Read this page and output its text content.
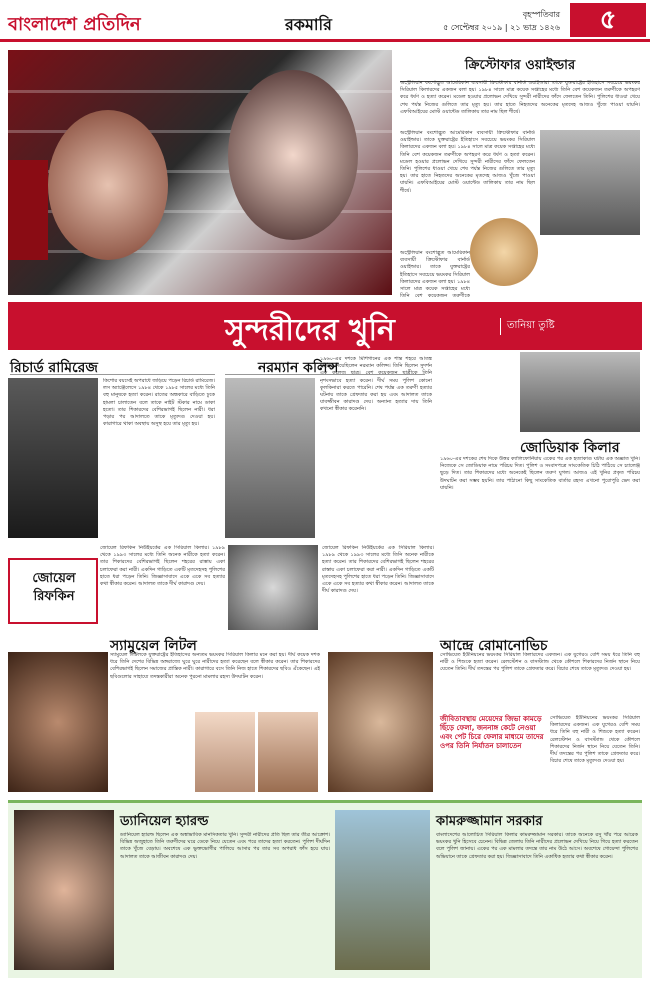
বাংলাদেশ প্রতিদিন	রকমারি
বৃহস্পতিবার
৫ সেপ্টেম্বর ২০১৯ | ২১ ভাদ্র ১৪২৬	৫
ক্রিস্টোফার ওয়াইল্ডার
অস্ট্রেলিয়ান বংশোদ্ভূত আমেরিকান ব্যবসায়ী ক্রিস্টোফার বার্নার্ড ওয়াইল্ডার। তাকে যুক্তরাষ্ট্রের ইতিহাসে সবচেয়ে ভয়ংকর সিরিয়াল কিলারদের একজন বলা হয়। ১৯৮৪ সালে মাত্র কয়েক সপ্তাহের মধ্যে তিনি বেশ কয়েকজন তরুণীকে অপহরণ করে ধর্ষণ ও হত্যা করেন। মডেল হওয়ার প্রলোভন দেখিয়ে সুন্দরী নারীদের ফাঁদে ফেলতেন তিনি। পুলিশের ধাওয়া খেয়ে শেষ পর্যন্ত নিজের গুলিতে তার মৃত্যু হয়। তার হাতে নিহতদের অনেকের মৃতদেহ আজও খুঁজে পাওয়া যায়নি। এফবিআইয়ের মোস্ট ওয়ান্টেড তালিকায় তার নাম ছিল শীর্ষে।
অস্ট্রেলিয়ান বংশোদ্ভূত আমেরিকান ব্যবসায়ী ক্রিস্টোফার বার্নার্ড ওয়াইল্ডার। তাকে যুক্তরাষ্ট্রের ইতিহাসে সবচেয়ে ভয়ংকর সিরিয়াল কিলারদের একজন বলা হয়। ১৯৮৪ সালে মাত্র কয়েক সপ্তাহের মধ্যে তিনি বেশ কয়েকজন তরুণীকে অপহরণ করে ধর্ষণ ও হত্যা করেন। মডেল হওয়ার প্রলোভন দেখিয়ে সুন্দরী নারীদের ফাঁদে ফেলতেন তিনি। পুলিশের ধাওয়া খেয়ে শেষ পর্যন্ত নিজের গুলিতে তার মৃত্যু হয়। তার হাতে নিহতদের অনেকের মৃতদেহ আজও খুঁজে পাওয়া যায়নি। এফবিআইয়ের মোস্ট ওয়ান্টেড তালিকায় তার নাম ছিল শীর্ষে।
অস্ট্রেলিয়ান বংশোদ্ভূত আমেরিকান ব্যবসায়ী ক্রিস্টোফার বার্নার্ড ওয়াইল্ডার। তাকে যুক্তরাষ্ট্রের ইতিহাসে সবচেয়ে ভয়ংকর সিরিয়াল কিলারদের একজন বলা হয়। ১৯৮৪ সালে মাত্র কয়েক সপ্তাহের মধ্যে তিনি বেশ কয়েকজন তরুণীকে
সুন্দরীদের খুনি	তানিয়া তুষ্টি
রিচার্ড রামিরেজ
কিশোর বয়সেই অপরাধে জড়িয়ে পড়েন রিচার্ড রামিরেজ। লস অ্যাঞ্জেলেসে ১৯৮৪ থেকে ১৯৮৫ সালের মধ্যে তিনি বহু মানুষকে হত্যা করেন। রাতের অন্ধকারে বাড়িতে ঢুকে হামলা চালাতেন বলে তাকে নাইট স্টকার নামে ডাকা হতো। তার শিকারদের বেশিরভাগই ছিলেন নারী। ধরা পড়ার পর আদালতে তাকে মৃত্যুদণ্ড দেওয়া হয়। কারাগারে থাকা অবস্থায় অসুস্থ হয়ে তার মৃত্যু হয়।
নরম্যান কলিন্স
১৯৬০-এর দশকে মিশিগানের এক শান্ত শহরে আতঙ্ক ছড়িয়ে দিয়েছিলেন নরম্যান কলিন্স। তিনি ছিলেন সুদর্শন এক কলেজ ছাত্র। বেশ কয়েকজন ছাত্রীকে তিনি নৃশংসভাবে হত্যা করেন। দীর্ঘ সময় পুলিশ কোনো কূলকিনারা করতে পারেনি। শেষ পর্যন্ত এক তরুণী হত্যার ঘটনায় তাকে গ্রেফতার করা হয় এবং আদালত তাকে যাবজ্জীবন কারাদণ্ড দেয়। অন্যান্য হত্যার দায় তিনি কখনো স্বীকার করেননি।
জোডিয়াক কিলার
১৯৬০-এর দশকের শেষ দিকে উত্তর ক্যালিফোর্নিয়ায় একের পর এক হত্যাকাণ্ড ঘটায় এক অজ্ঞাত খুনি। নিজেকে সে জোডিয়াক নামে পরিচয় দিত। পুলিশ ও সংবাদপত্রে সাংকেতিক চিঠি পাঠিয়ে সে চ্যালেঞ্জ ছুড়ে দিত। তার শিকারদের মধ্যে অনেকেই ছিলেন তরুণ যুগল। আজও এই খুনির প্রকৃত পরিচয় উদঘাটন করা সম্ভব হয়নি। তার পাঠানো কিছু সাংকেতিক বার্তার রহস্য এখনো পুরোপুরি ভেদ করা যায়নি।
জোয়েল রিফকিন নিউইয়র্কের এক সিরিয়াল কিলার। ১৯৮৯ থেকে ১৯৯৩ সালের মধ্যে তিনি অনেক নারীকে হত্যা করেন। তার শিকারদের বেশিরভাগই ছিলেন শহরের রাস্তায় একা চলাফেরা করা নারী। একদিন গাড়িতে একটি মৃতদেহসহ পুলিশের হাতে ধরা পড়েন তিনি। জিজ্ঞাসাবাদে একে একে সব হত্যার কথা স্বীকার করেন। আদালত তাকে দীর্ঘ কারাদণ্ড দেয়।
জোয়েল
রিফকিন
জোয়েল রিফকিন নিউইয়র্কের এক সিরিয়াল কিলার। ১৯৮৯ থেকে ১৯৯৩ সালের মধ্যে তিনি অনেক নারীকে হত্যা করেন। তার শিকারদের বেশিরভাগই ছিলেন শহরের রাস্তায় একা চলাফেরা করা নারী। একদিন গাড়িতে একটি মৃতদেহসহ পুলিশের হাতে ধরা পড়েন তিনি। জিজ্ঞাসাবাদে একে একে সব হত্যার কথা স্বীকার করেন। আদালত তাকে দীর্ঘ কারাদণ্ড দেয়।
স্যামুয়েল লিটল
স্যামুয়েল লিটলকে যুক্তরাষ্ট্রের ইতিহাসের অন্যতম ভয়ংকর সিরিয়াল কিলার মনে করা হয়। দীর্ঘ কয়েক দশক ধরে তিনি দেশের বিভিন্ন অঙ্গরাজ্যে ঘুরে ঘুরে নারীদের হত্যা করেছেন বলে স্বীকার করেন। তার শিকারদের বেশিরভাগই ছিলেন সমাজের প্রান্তিক নারী। কারাগারে বসে তিনি নিজ হাতে শিকারদের ছবিও এঁকেছেন। এই ছবিগুলোর সাহায্যে তদন্তকারীরা অনেক পুরনো মামলার রহস্য উদঘাটন করেন।
আন্দ্রে রোমানোভিচ
সোভিয়েত ইউনিয়নের ভয়ংকর সিরিয়াল কিলারদের একজন। এক যুগেরও বেশি সময় ধরে তিনি বহু নারী ও শিশুকে হত্যা করেন। রেলস্টেশন ও বাসস্ট্যান্ড থেকে কৌশলে শিকারদের নির্জন স্থানে নিয়ে যেতেন তিনি। দীর্ঘ তদন্তের পর পুলিশ তাকে গ্রেফতার করে। বিচার শেষে তাকে মৃত্যুদণ্ড দেওয়া হয়।
জীবিতাবস্থায় মেয়েদের জিভা কামড়ে ছিঁড়ে ফেলা, জননাঙ্গ কেটে নেওয়া এবং পেট চিরে ফেলার মাধ্যমে তাদের ওপর তিনি নির্যাতন চালাতেন
সোভিয়েত ইউনিয়নের ভয়ংকর সিরিয়াল কিলারদের একজন। এক যুগেরও বেশি সময় ধরে তিনি বহু নারী ও শিশুকে হত্যা করেন। রেলস্টেশন ও বাসস্ট্যান্ড থেকে কৌশলে শিকারদের নির্জন স্থানে নিয়ে যেতেন তিনি। দীর্ঘ তদন্তের পর পুলিশ তাকে গ্রেফতার করে। বিচার শেষে তাকে মৃত্যুদণ্ড দেওয়া হয়।
ড্যানিয়েল হ্যারল্ড
ড্যানিয়েল হ্যারল্ড ছিলেন এক অস্বাভাবিক মানসিকতার খুনি। সুন্দরী নারীদের প্রতি ছিল তার তীব্র আক্রোশ। বিভিন্ন অজুহাতে তিনি তরুণীদের ঘরে ডেকে নিয়ে যেতেন এবং পরে তাদের হত্যা করতেন। পুলিশ দীর্ঘদিন তাকে খুঁজে বেড়ায়। অবশেষে এক ভুক্তভোগীর পালিয়ে আসার পর তার সব অপরাধ ফাঁস হয়ে যায়। আদালত তাকে আজীবন কারাদণ্ড দেয়।
কামরুজ্জামান সরকার
বাংলাদেশের আলোচিত সিরিয়াল কিলার কামরুজ্জামান সরকার। তাকে অনেকে রসু খাঁর পরে আরেক ভয়ংকর খুনি হিসেবে চেনেন। বিভিন্ন জেলায় তিনি নারীদের প্রলোভন দেখিয়ে নিয়ে গিয়ে হত্যা করতেন বলে পুলিশ জানায়। একের পর এক মামলার তদন্তে তার নাম উঠে আসে। অবশেষে গোয়েন্দা পুলিশের অভিযানে তাকে গ্রেফতার করা হয়। জিজ্ঞাসাবাদে তিনি একাধিক হত্যার কথা স্বীকার করেন।
